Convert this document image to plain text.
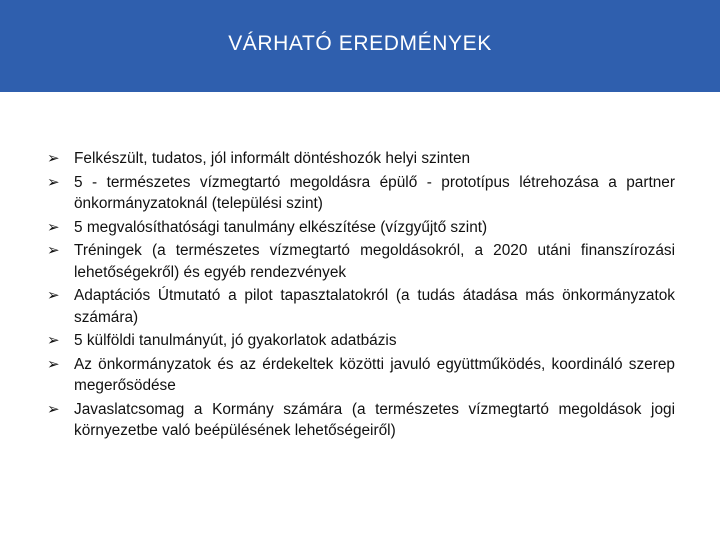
VÁRHATÓ EREDMÉNYEK
➢ Felkészült, tudatos, jól informált döntéshozók helyi szinten
➢ 5 - természetes vízmegtartó megoldásra épülő - prototípus létrehozása a partner önkormányzatoknál (települési szint)
➢ 5 megvalósíthatósági tanulmány elkészítése (vízgyűjtő szint)
➢ Tréningek (a természetes vízmegtartó megoldásokról, a 2020 utáni finanszírozási lehetőségekről) és egyéb rendezvények
➢ Adaptációs Útmutató a pilot tapasztalatokról (a tudás átadása más önkormányzatok számára)
➢ 5 külföldi tanulmányút, jó gyakorlatok adatbázis
➢ Az önkormányzatok és az érdekeltek közötti javuló együttműködés, koordináló szerep megerősödése
➢ Javaslatcsomag a Kormány számára (a természetes vízmegtartó megoldások jogi környezetbe való beépülésének lehetőségeiről)
